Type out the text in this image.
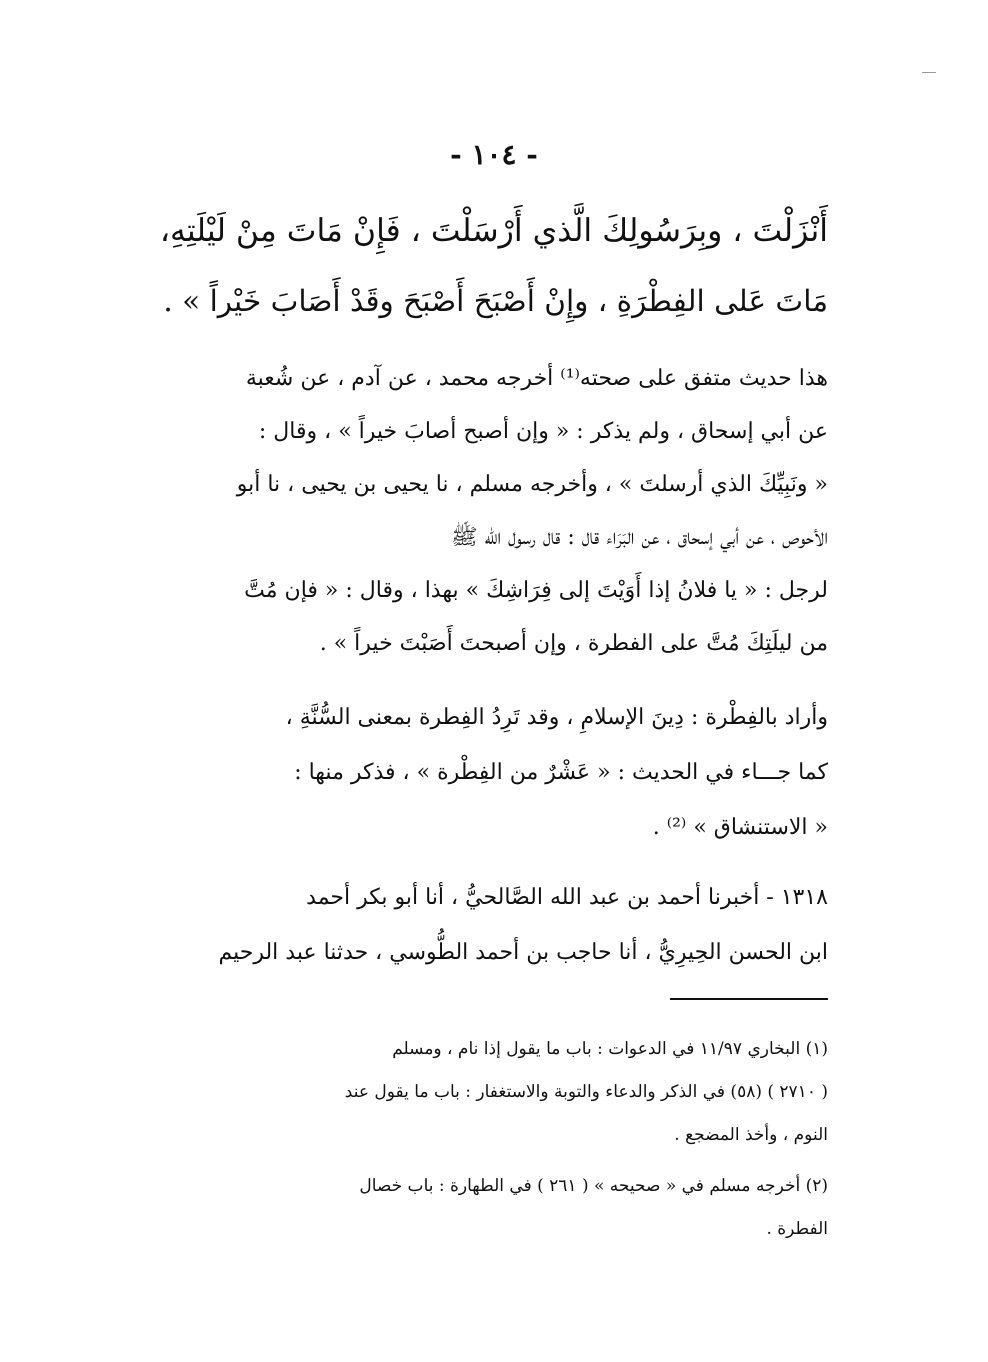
- ١٠٤ -
أَنْزَلْتَ ، وبِرَسُولِكَ الَّذي أَرْسَلْتَ ، فَإِنْ مَاتَ مِنْ لَيْلَتِهِ،
مَاتَ عَلى الفِطْرَةِ ، وإِنْ أَصْبَحَ أَصْبَحَ وقَدْ أَصَابَ خَيْراً » .
هذا حديث متفق على صحته⁽¹⁾ أخرجه محمد ، عن آدم ، عن شُعبة
عن أبي إسحاق ، ولم يذكر : « وإن أصبح أصابَ خيراً » ، وقال :
« ونَبِيِّكَ الذي أرسلتَ » ، وأخرجه مسلم ، نا يحيى بن يحيى ، نا أبو
الأحوص ، عن أبي إسحاق ، عن البَرَاء قال : قال رسول الله ﷺ
لرجل : « يا فلانُ إذا أَوَيْتَ إلى فِرَاشِكَ » بهذا ، وقال : « فإن مُتَّ
من ليلَتِكَ مُتَّ على الفطرة ، وإن أصبحتَ أَصَبْتَ خيراً » .
وأراد بالفِطْرة : دِينَ الإسلامِ ، وقد تَرِدُ الفِطرة بمعنى السُّنَّةِ ،
كما جـــاء في الحديث : « عَشْرٌ من الفِطْرة » ، فذكر منها :
« الاستنشاق » ⁽²⁾ .
١٣١٨ - أخبرنا أحمد بن عبد الله الصَّالحيُّ ، أنا أبو بكر أحمد
ابن الحسن الحِيرِيُّ ، أنا حاجب بن أحمد الطُّوسي ، حدثنا عبد الرحيم
(١) البخاري ١١/٩٧ في الدعوات : باب ما يقول إذا نام ، ومسلم
( ٢٧١٠ ) (٥٨) في الذكر والدعاء والتوبة والاستغفار : باب ما يقول عند
النوم ، وأخذ المضجع .
(٢) أخرجه مسلم في « صحيحه » ( ٢٦١ ) في الطهارة : باب خصال
الفطرة .
